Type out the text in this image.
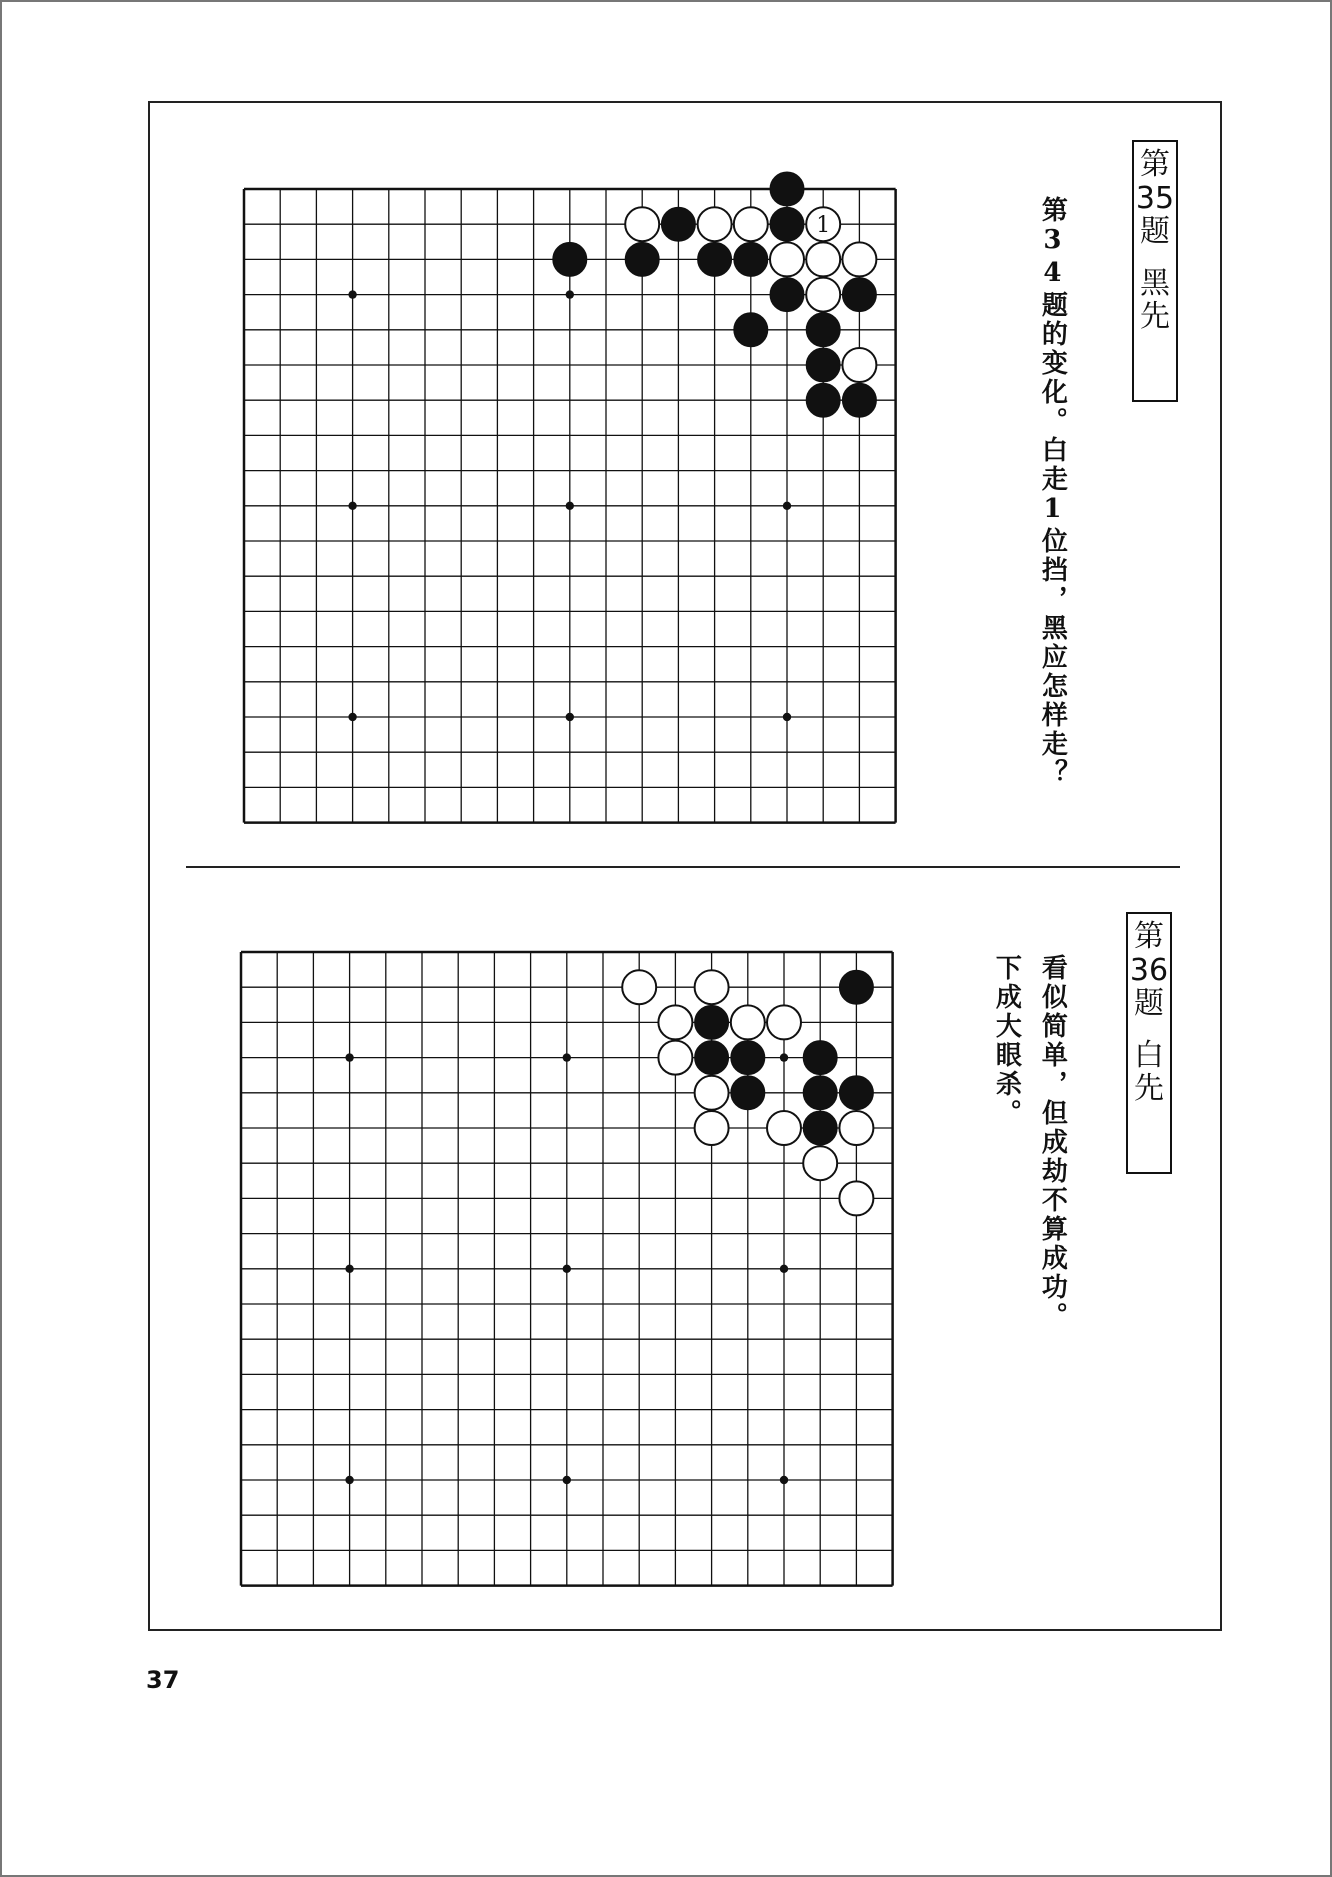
1
第
35
题
黑
先
第34题的变化。白走1位挡，黑应怎样走？
第
36
题
白
先
看似简单，但成劫不算成功。
下成大眼杀。
37
